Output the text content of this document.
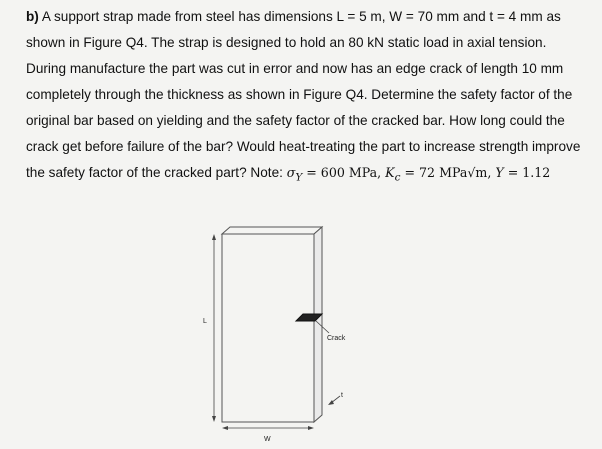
b) A support strap made from steel has dimensions L = 5 m, W = 70 mm and t = 4 mm as shown in Figure Q4. The strap is designed to hold an 80 kN static load in axial tension. During manufacture the part was cut in error and now has an edge crack of length 10 mm completely through the thickness as shown in Figure Q4. Determine the safety factor of the original bar based on yielding and the safety factor of the cracked bar. How long could the crack get before failure of the bar? Would heat-treating the part to increase strength improve the safety factor of the cracked part? Note: $\sigma_Y = 600$ MPa, $K_c = 72$ MPa√m, Y = 1.12
L
W
Crack
t
